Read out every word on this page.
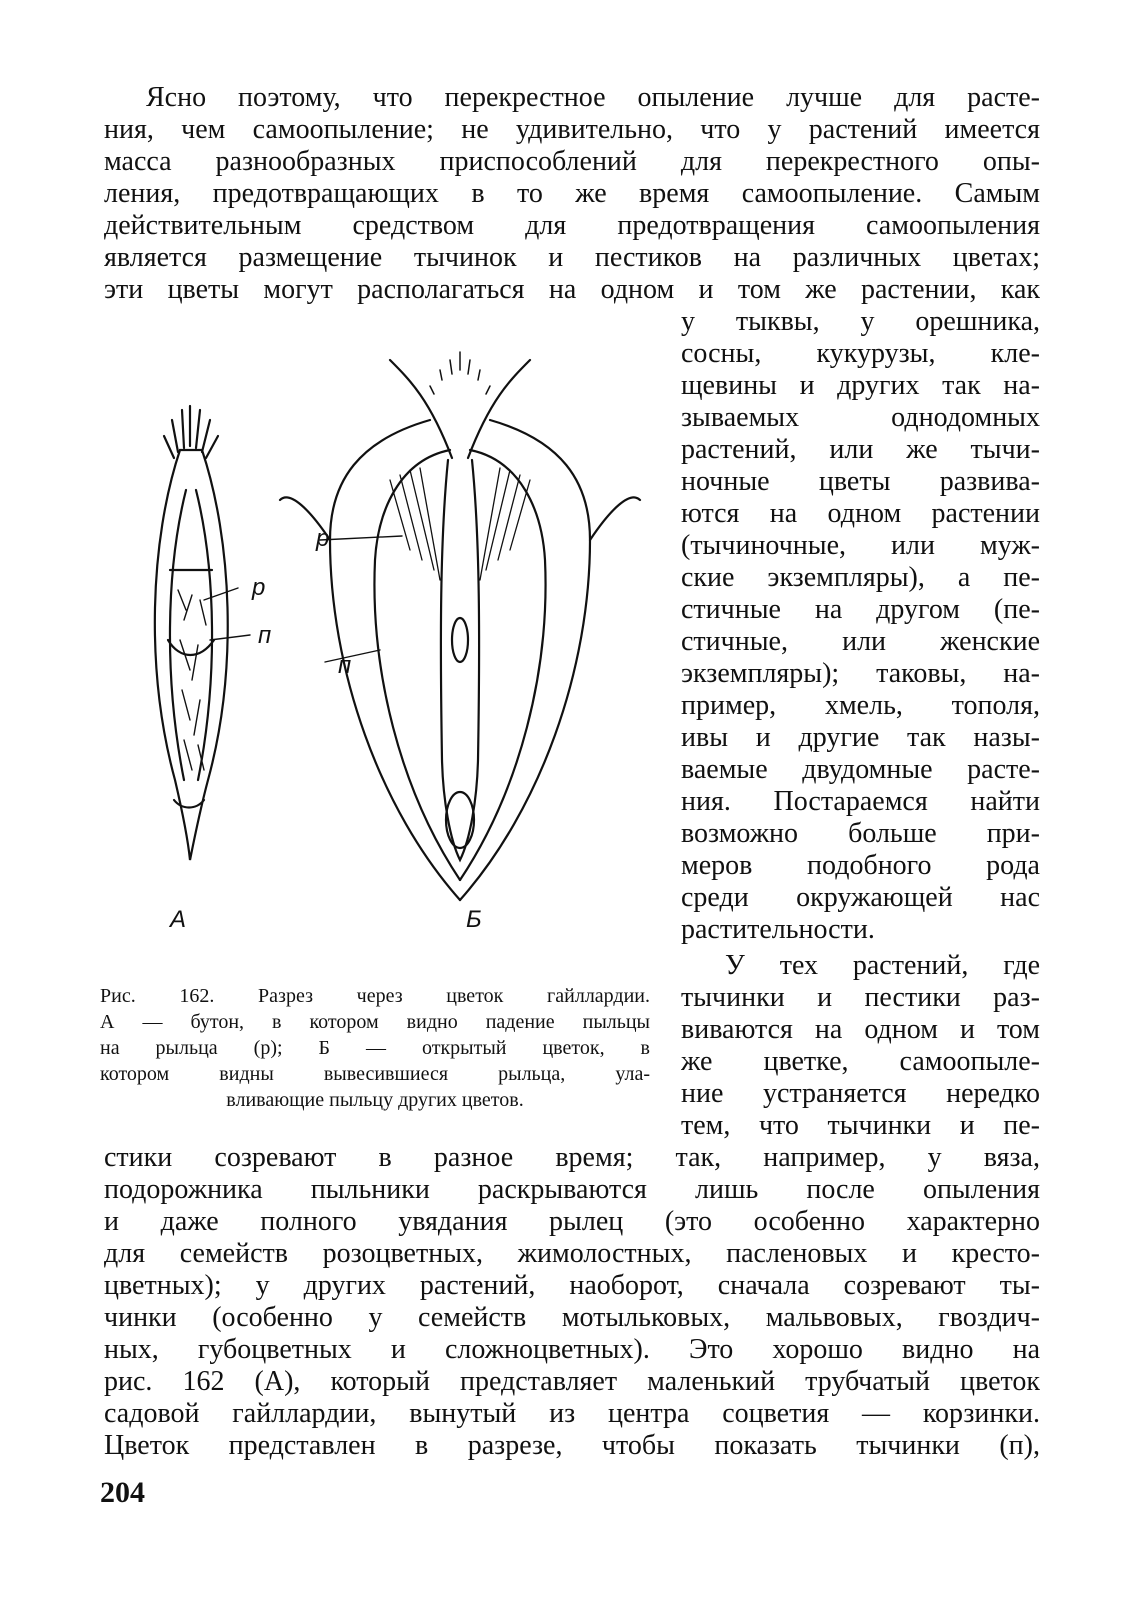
Ясно поэтому, что перекрестное опыление лучше для расте-
ния, чем самоопыление; не удивительно, что у растений имеется
масса разнообразных приспособлений для перекрестного опы-
ления, предотвращающих в то же время самоопыление. Самым
действительным средством для предотвращения самоопыления
является размещение тычинок и пестиков на различных цветах;
эти цветы могут располагаться на одном и том же растении, как
у тыквы, у орешника,
сосны, кукурузы, кле-
щевины и других так на-
зываемых однодомных
растений, или же тычи-
ночные цветы развива-
ются на одном растении
(тычиночные, или муж-
ские экземпляры), а пе-
стичные на другом (пе-
стичные, или женские
экземпляры); таковы, на-
пример, хмель, тополя,
ивы и другие так назы-
ваемые двудомные расте-
ния. Постараемся найти
возможно больше при-
меров подобного рода
среди окружающей нас
растительности.
У тех растений, где
тычинки и пестики раз-
виваются на одном и том
же цветке, самоопыле-
ние устраняется нередко
тем, что тычинки и пе-
р
п
р
п
А	Б
Рис. 162. Разрез через цветок гайллардии.
А — бутон, в котором видно падение пыльцы
на рыльца (р); Б — открытый цветок, в
котором видны вывесившиеся рыльца, ула-
вливающие пыльцу других цветов.
стики созревают в разное время; так, например, у вяза,
подорожника пыльники раскрываются лишь после опыления
и даже полного увядания рылец (это особенно характерно
для семейств розоцветных, жимолостных, пасленовых и кресто-
цветных); у других растений, наоборот, сначала созревают ты-
чинки (особенно у семейств мотыльковых, мальвовых, гвоздич-
ных, губоцветных и сложноцветных). Это хорошо видно на
рис. 162 (А), который представляет маленький трубчатый цветок
садовой гайллардии, вынутый из центра соцветия — корзинки.
Цветок представлен в разрезе, чтобы показать тычинки (п),
204
